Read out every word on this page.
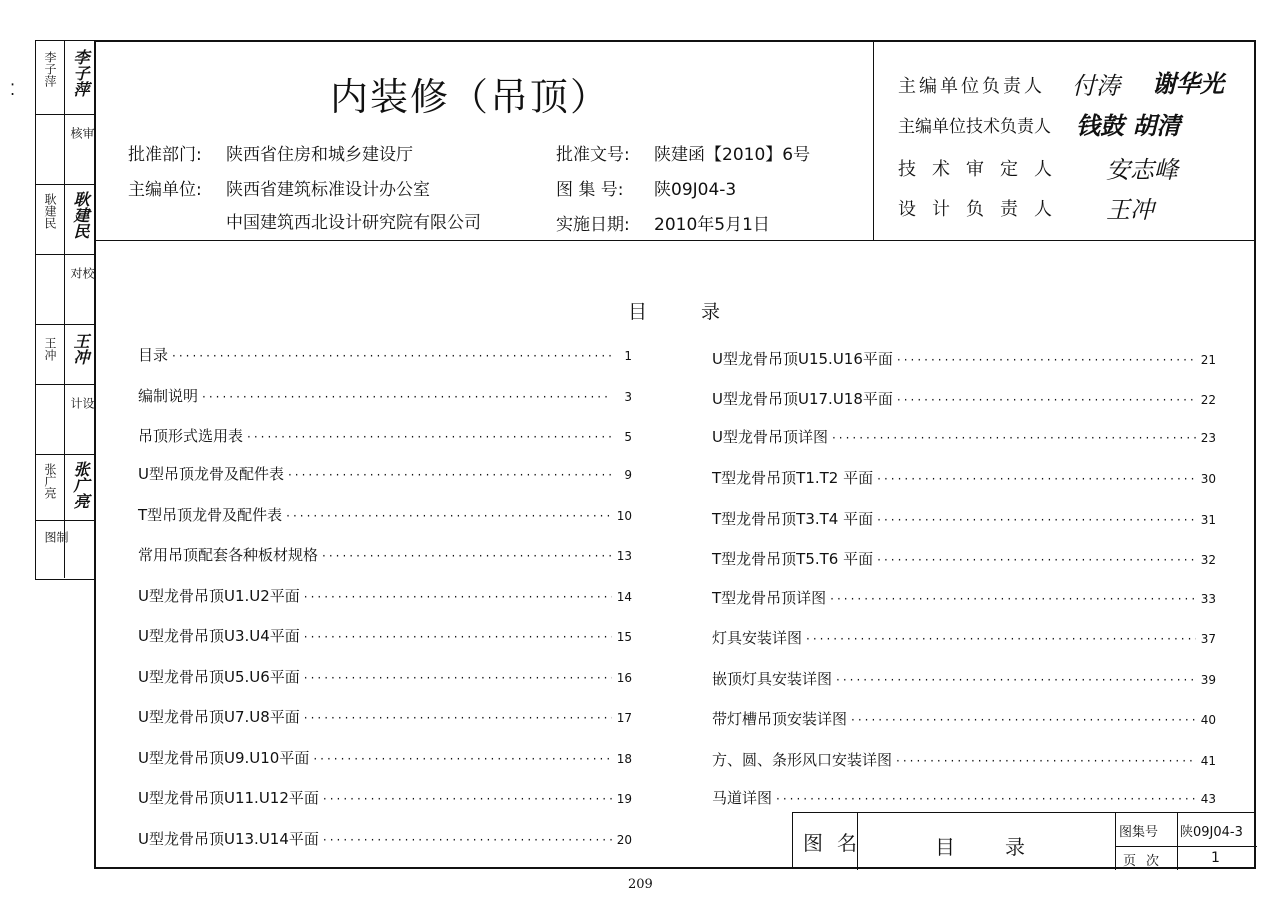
⁚
李子萍 李子萍
审核
耿建民 耿建民
校对
王冲 王冲
设计
张广亮 张广亮
制图
内装修（吊顶）
批准部门: 陕西省住房和城乡建设厅
主编单位: 陕西省建筑标准设计办公室
中国建筑西北设计研究院有限公司
批准文号: 陕建函【2010】6号
图 集 号: 陕09J04-3
实施日期: 2010年5月1日
主编单位负责人 付涛 谢华光
主编单位技术负责人 钱鼓 胡清
技术审定人 安志峰
设计负责人 王冲
目录
目录 ·····	1
编制说明 ·····	3
吊顶形式选用表 ·····	5
U型吊顶龙骨及配件表 ·····	9
T型吊顶龙骨及配件表 ·····	10
常用吊顶配套各种板材规格 ·····	13
U型龙骨吊顶U1.U2平面 ·····	14
U型龙骨吊顶U3.U4平面 ·····	15
U型龙骨吊顶U5.U6平面 ·····	16
U型龙骨吊顶U7.U8平面 ·····	17
U型龙骨吊顶U9.U10平面 ·····	18
U型龙骨吊顶U11.U12平面 ·····	19
U型龙骨吊顶U13.U14平面 ·····	20
U型龙骨吊顶U15.U16平面 ·····	21
U型龙骨吊顶U17.U18平面 ·····	22
U型龙骨吊顶详图 ·····	23
T型龙骨吊顶T1.T2 平面 ·····	30
T型龙骨吊顶T3.T4 平面 ·····	31
T型龙骨吊顶T5.T6 平面 ·····	32
T型龙骨吊顶详图 ·····	33
灯具安装详图 ·····	37
嵌顶灯具安装详图 ·····	39
带灯槽吊顶安装详图 ·····	40
方、圆、条形风口安装详图 ·····	41
马道详图 ·····	43
图名	目录
图集号 陕09J04-3
页次	1
209
